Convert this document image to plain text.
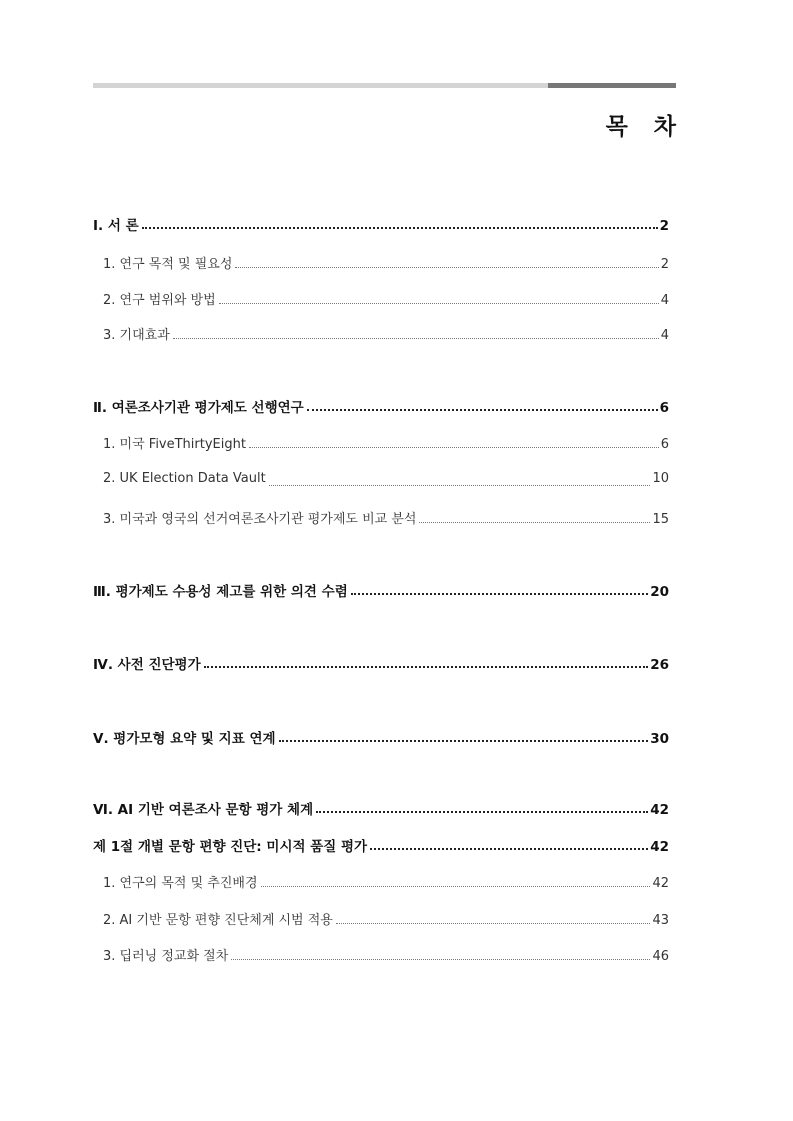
목 차
Ⅰ. 서 론	2
1. 연구 목적 및 필요성	2
2. 연구 범위와 방법	4
3. 기대효과	4
Ⅱ. 여론조사기관 평가제도 선행연구	6
1. 미국 FiveThirtyEight	6
2. UK Election Data Vault	10
3. 미국과 영국의 선거여론조사기관 평가제도 비교 분석	15
Ⅲ. 평가제도 수용성 제고를 위한 의견 수렴	20
Ⅳ. 사전 진단평가	26
Ⅴ. 평가모형 요약 및 지표 연계	30
Ⅵ. AI 기반 여론조사 문항 평가 체계	42
제 1절 개별 문항 편향 진단: 미시적 품질 평가	42
1. 연구의 목적 및 추진배경	42
2. AI 기반 문항 편향 진단체계 시범 적용	43
3. 딥러닝 정교화 절차	46
